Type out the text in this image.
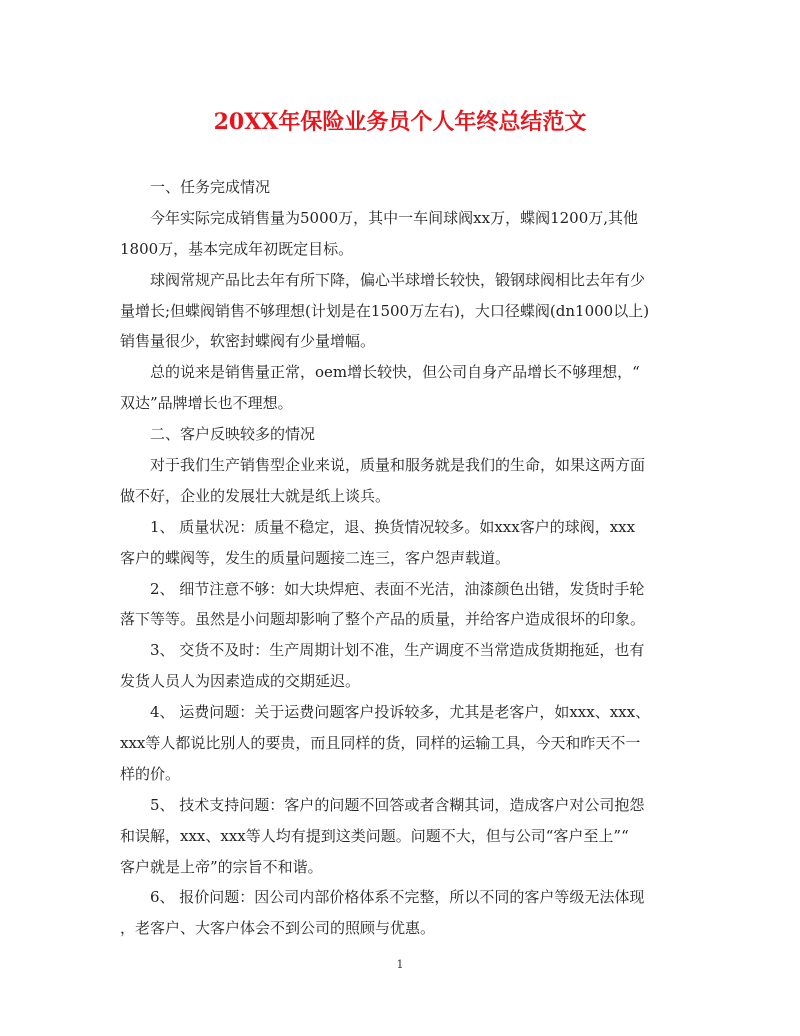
20XX年保险业务员个人年终总结范文
一、任务完成情况
今年实际完成销售量为5000万，其中一车间球阀xx万，蝶阀1200万,其他
1800万，基本完成年初既定目标。
球阀常规产品比去年有所下降，偏心半球增长较快，锻钢球阀相比去年有少
量增长;但蝶阀销售不够理想(计划是在1500万左右)，大口径蝶阀(dn1000以上)
销售量很少，软密封蝶阀有少量增幅。
总的说来是销售量正常，oem增长较快，但公司自身产品增长不够理想，“
双达”品牌增长也不理想。
二、客户反映较多的情况
对于我们生产销售型企业来说，质量和服务就是我们的生命，如果这两方面
做不好，企业的发展壮大就是纸上谈兵。
1、 质量状况：质量不稳定，退、换货情况较多。如xxx客户的球阀，xxx
客户的蝶阀等，发生的质量问题接二连三，客户怨声载道。
2、 细节注意不够：如大块焊疤、表面不光洁，油漆颜色出错，发货时手轮
落下等等。虽然是小问题却影响了整个产品的质量，并给客户造成很坏的印象。
3、 交货不及时：生产周期计划不准，生产调度不当常造成货期拖延，也有
发货人员人为因素造成的交期延迟。
4、 运费问题：关于运费问题客户投诉较多，尤其是老客户，如xxx、xxx、
xxx等人都说比别人的要贵，而且同样的货，同样的运输工具，今天和昨天不一
样的价。
5、 技术支持问题：客户的问题不回答或者含糊其词，造成客户对公司抱怨
和误解，xxx、xxx等人均有提到这类问题。问题不大，但与公司“客户至上”“
客户就是上帝”的宗旨不和谐。
6、 报价问题：因公司内部价格体系不完整，所以不同的客户等级无法体现
，老客户、大客户体会不到公司的照顾与优惠。
1
